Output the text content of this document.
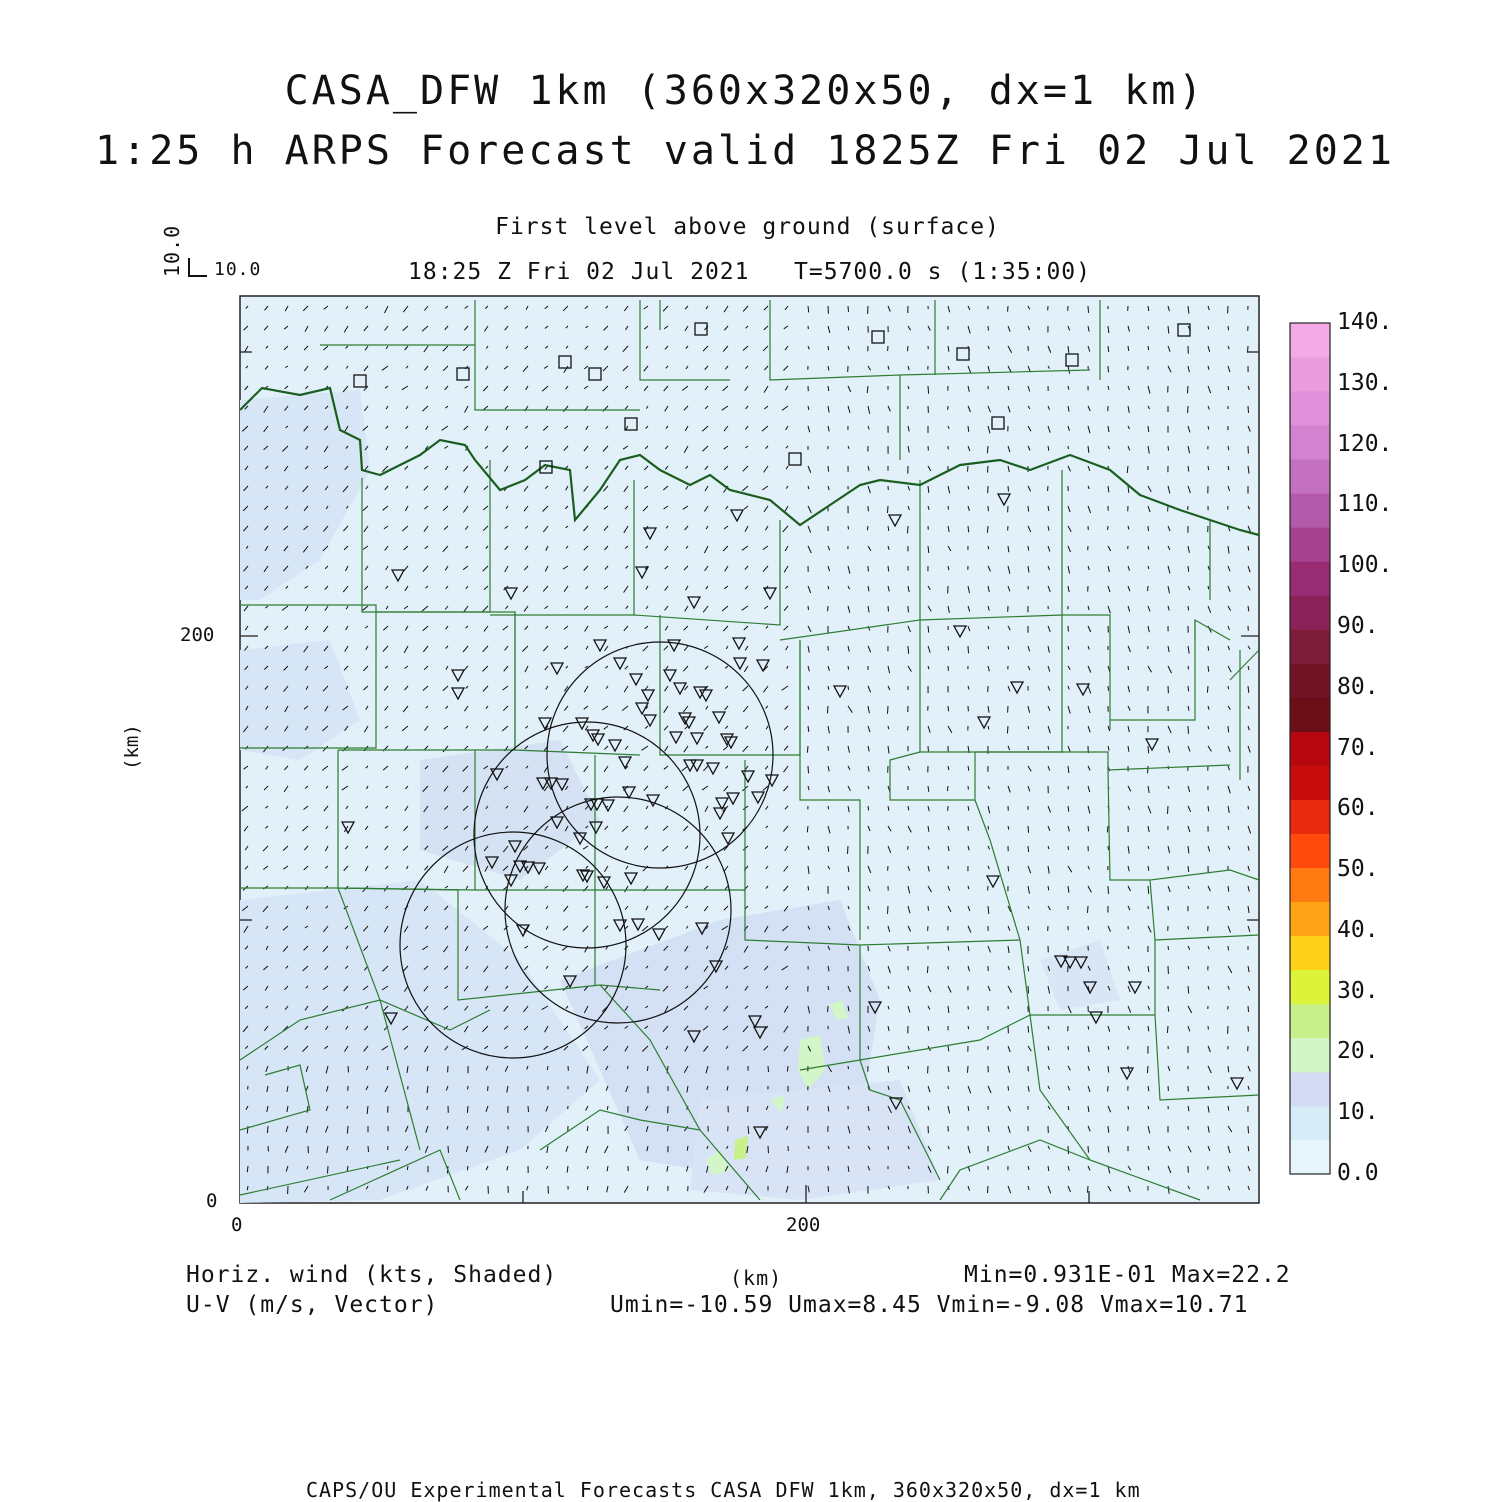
CASA_DFW 1km (360x320x50, dx=1 km)
1:25 h ARPS Forecast valid 1825Z Fri 02 Jul 2021
First level above ground (surface)
18:25 Z Fri 02 Jul 2021 T=5700.0 s (1:35:00)
10.0 10.0
200
0
0	200
(km)
0.0
10.
20.
30.
40.
50.
60.
70.
80.
90.
100.
110.
120.
130.
140.
Horiz. wind (kts, Shaded)
U-V (m/s, Vector)
(km)	Min=0.931E-01 Max=22.2
Umin=-10.59 Umax=8.45 Vmin=-9.08 Vmax=10.71
CAPS/OU Experimental Forecasts CASA DFW 1km, 360x320x50, dx=1 km
